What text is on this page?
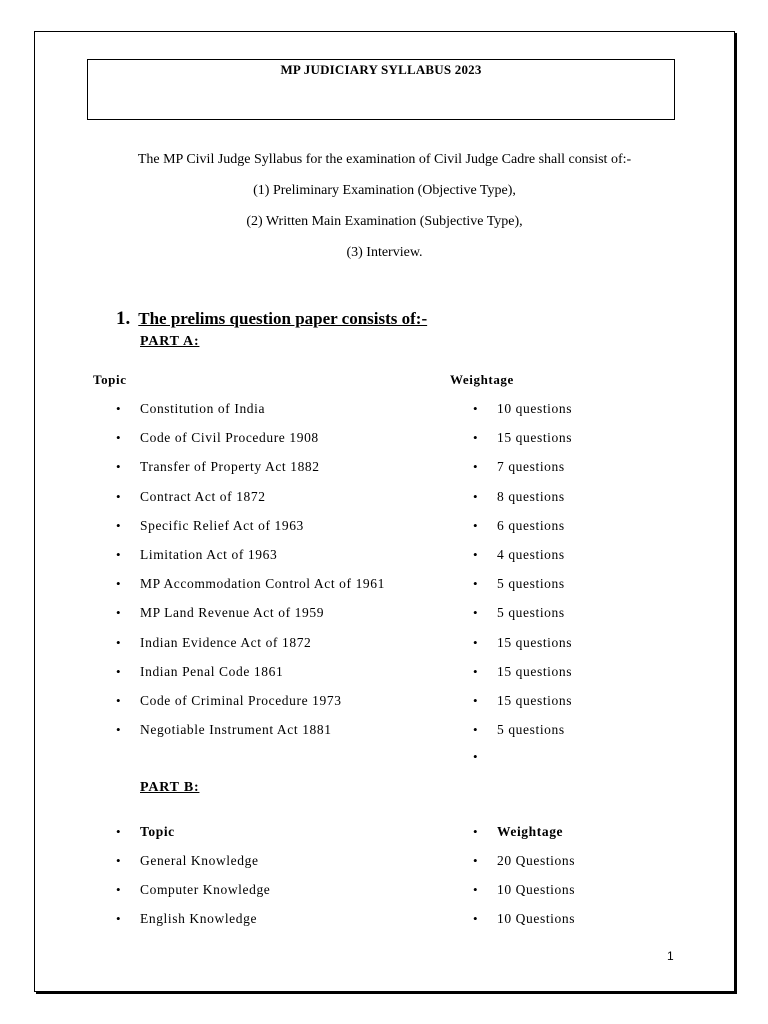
MP JUDICIARY SYLLABUS 2023
The MP Civil Judge Syllabus for the examination of Civil Judge Cadre shall consist of:-
(1) Preliminary Examination (Objective Type),
(2) Written Main Examination (Subjective Type),
(3) Interview.
1. The prelims question paper consists of:-
PART A:
Topic	Weightage
• Constitution of India	• 10 questions
• Code of Civil Procedure 1908	• 15 questions
• Transfer of Property Act 1882	• 7 questions
• Contract Act of 1872	• 8 questions
• Specific Relief Act of 1963	• 6 questions
• Limitation Act of 1963	• 4 questions
• MP Accommodation Control Act of 1961	• 5 questions
• MP Land Revenue Act of 1959	• 5 questions
• Indian Evidence Act of 1872	• 15 questions
• Indian Penal Code 1861	• 15 questions
• Code of Criminal Procedure 1973	• 15 questions
• Negotiable Instrument Act 1881	• 5 questions
•
PART B:
• Topic	• Weightage
• General Knowledge	• 20 Questions
• Computer Knowledge	• 10 Questions
• English Knowledge	• 10 Questions
1
